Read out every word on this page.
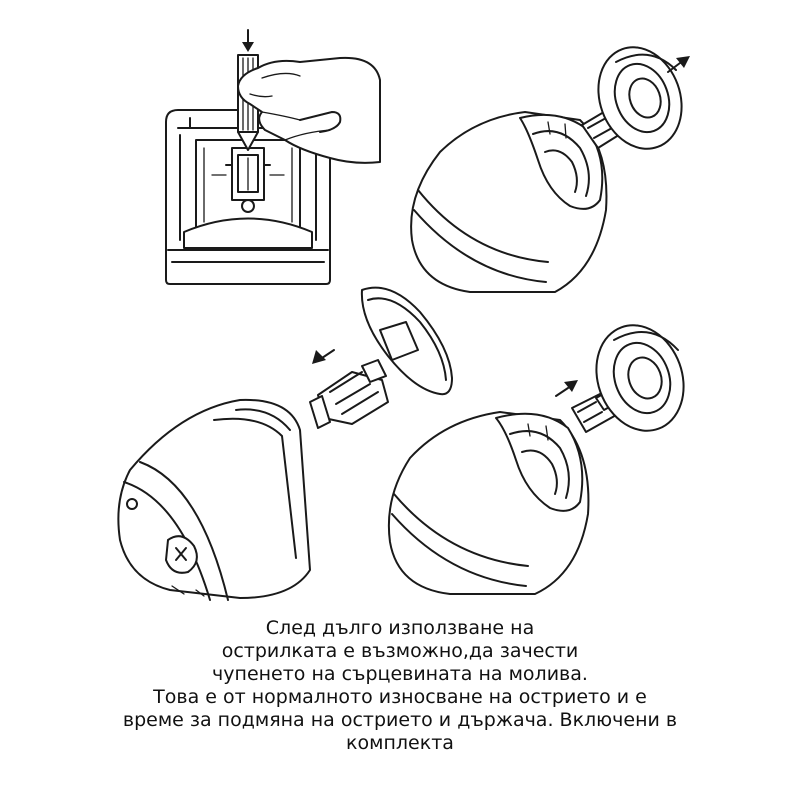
След дълго използване на
острилката е възможно,да зачести
чупенето на сърцевината на молива.
Това е от нормалното износване на острието и е
време за подмяна на острието и държача. Включени в
комплекта
